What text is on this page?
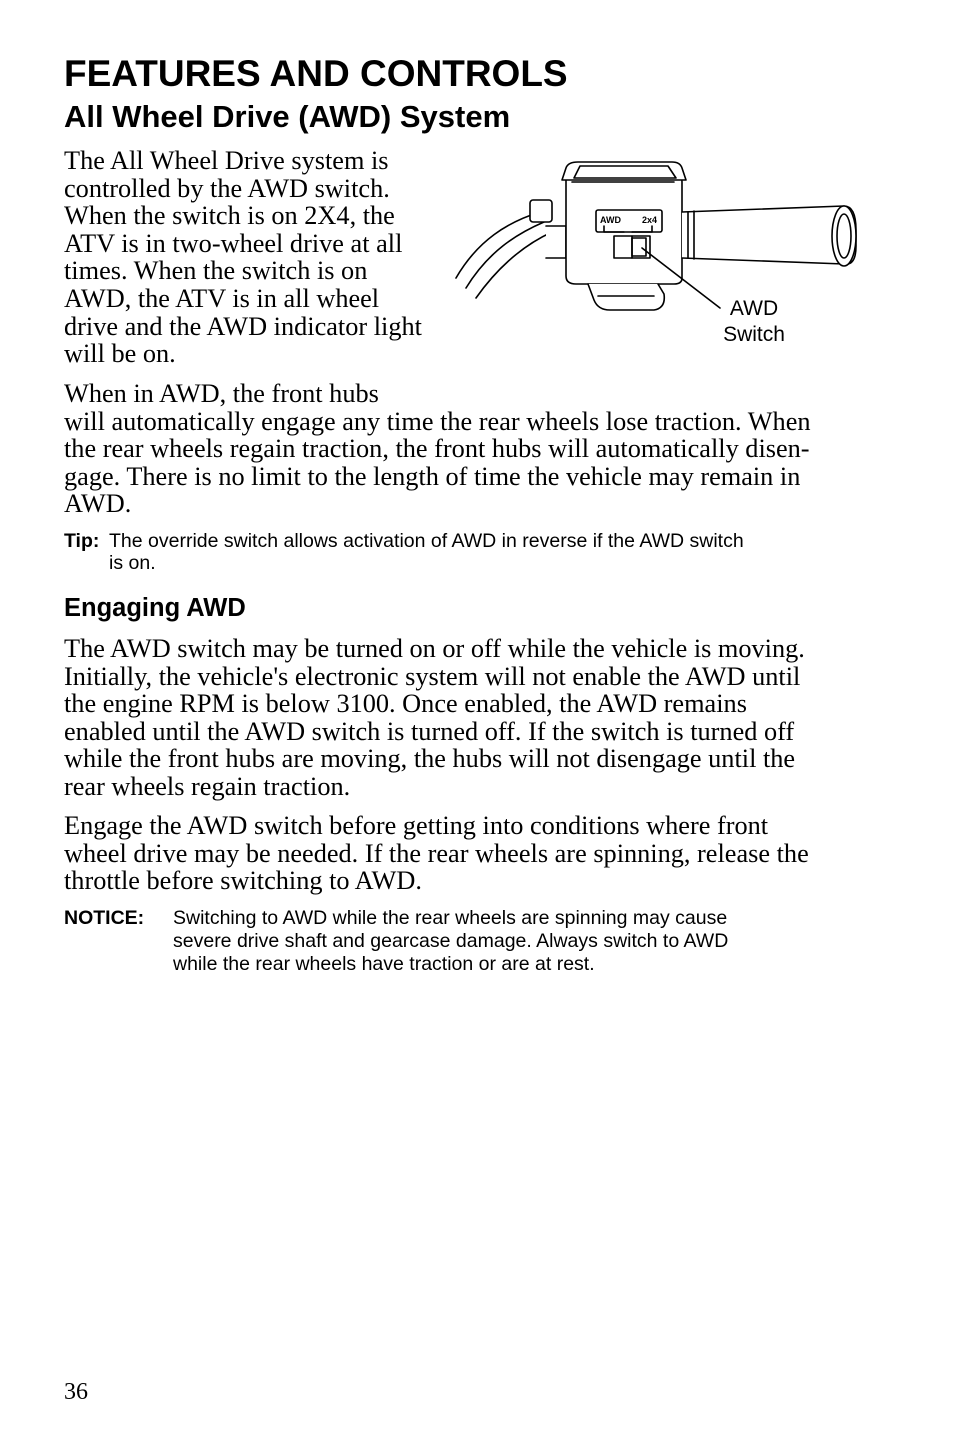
FEATURES AND CONTROLS
All Wheel Drive (AWD) System
The All Wheel Drive system is
controlled by the AWD switch.
When the switch is on 2X4, the
ATV is in two-wheel drive at all
times. When the switch is on
AWD, the ATV is in all wheel
drive and the AWD indicator light
will be on.
AWD 2x4
AWD
Switch
When in AWD, the front hubs
will automatically engage any time the rear wheels lose traction. When
the rear wheels regain traction, the front hubs will automatically disen-
gage. There is no limit to the length of time the vehicle may remain in
AWD.
Tip: The override switch allows activation of AWD in reverse if the AWD switch
is on.
Engaging AWD
The AWD switch may be turned on or off while the vehicle is moving.
Initially, the vehicle's electronic system will not enable the AWD until
the engine RPM is below 3100. Once enabled, the AWD remains
enabled until the AWD switch is turned off. If the switch is turned off
while the front hubs are moving, the hubs will not disengage until the
rear wheels regain traction.
Engage the AWD switch before getting into conditions where front
wheel drive may be needed. If the rear wheels are spinning, release the
throttle before switching to AWD.
NOTICE: Switching to AWD while the rear wheels are spinning may cause
severe drive shaft and gearcase damage. Always switch to AWD
while the rear wheels have traction or are at rest.
36
